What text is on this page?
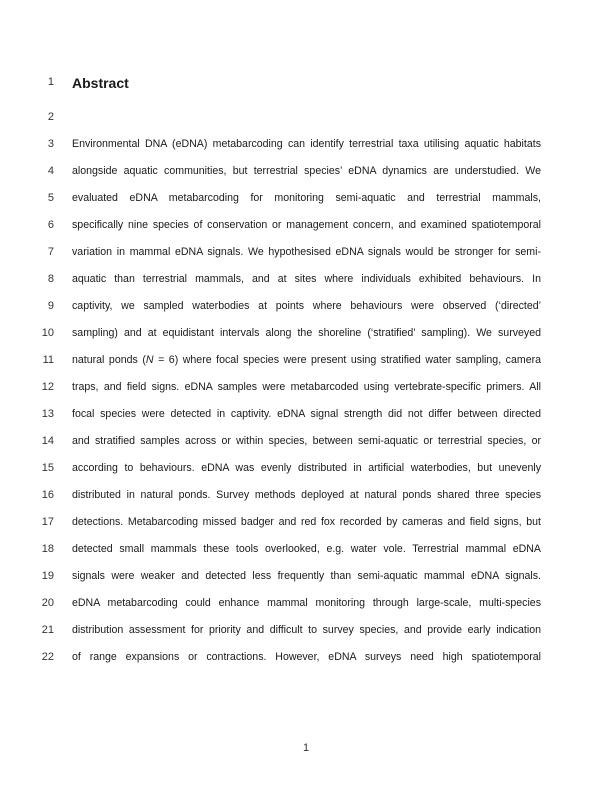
1 Abstract
2
3 Environmental DNA (eDNA) metabarcoding can identify terrestrial taxa utilising aquatic habitats
4 alongside aquatic communities, but terrestrial species’ eDNA dynamics are understudied. We
5 evaluated eDNA metabarcoding for monitoring semi-aquatic and terrestrial mammals,
6 specifically nine species of conservation or management concern, and examined spatiotemporal
7 variation in mammal eDNA signals. We hypothesised eDNA signals would be stronger for semi-
8 aquatic than terrestrial mammals, and at sites where individuals exhibited behaviours. In
9 captivity, we sampled waterbodies at points where behaviours were observed (‘directed’
10 sampling) and at equidistant intervals along the shoreline (‘stratified’ sampling). We surveyed
11 natural ponds (N = 6) where focal species were present using stratified water sampling, camera
12 traps, and field signs. eDNA samples were metabarcoded using vertebrate-specific primers. All
13 focal species were detected in captivity. eDNA signal strength did not differ between directed
14 and stratified samples across or within species, between semi-aquatic or terrestrial species, or
15 according to behaviours. eDNA was evenly distributed in artificial waterbodies, but unevenly
16 distributed in natural ponds. Survey methods deployed at natural ponds shared three species
17 detections. Metabarcoding missed badger and red fox recorded by cameras and field signs, but
18 detected small mammals these tools overlooked, e.g. water vole. Terrestrial mammal eDNA
19 signals were weaker and detected less frequently than semi-aquatic mammal eDNA signals.
20 eDNA metabarcoding could enhance mammal monitoring through large-scale, multi-species
21 distribution assessment for priority and difficult to survey species, and provide early indication
22 of range expansions or contractions. However, eDNA surveys need high spatiotemporal
1
